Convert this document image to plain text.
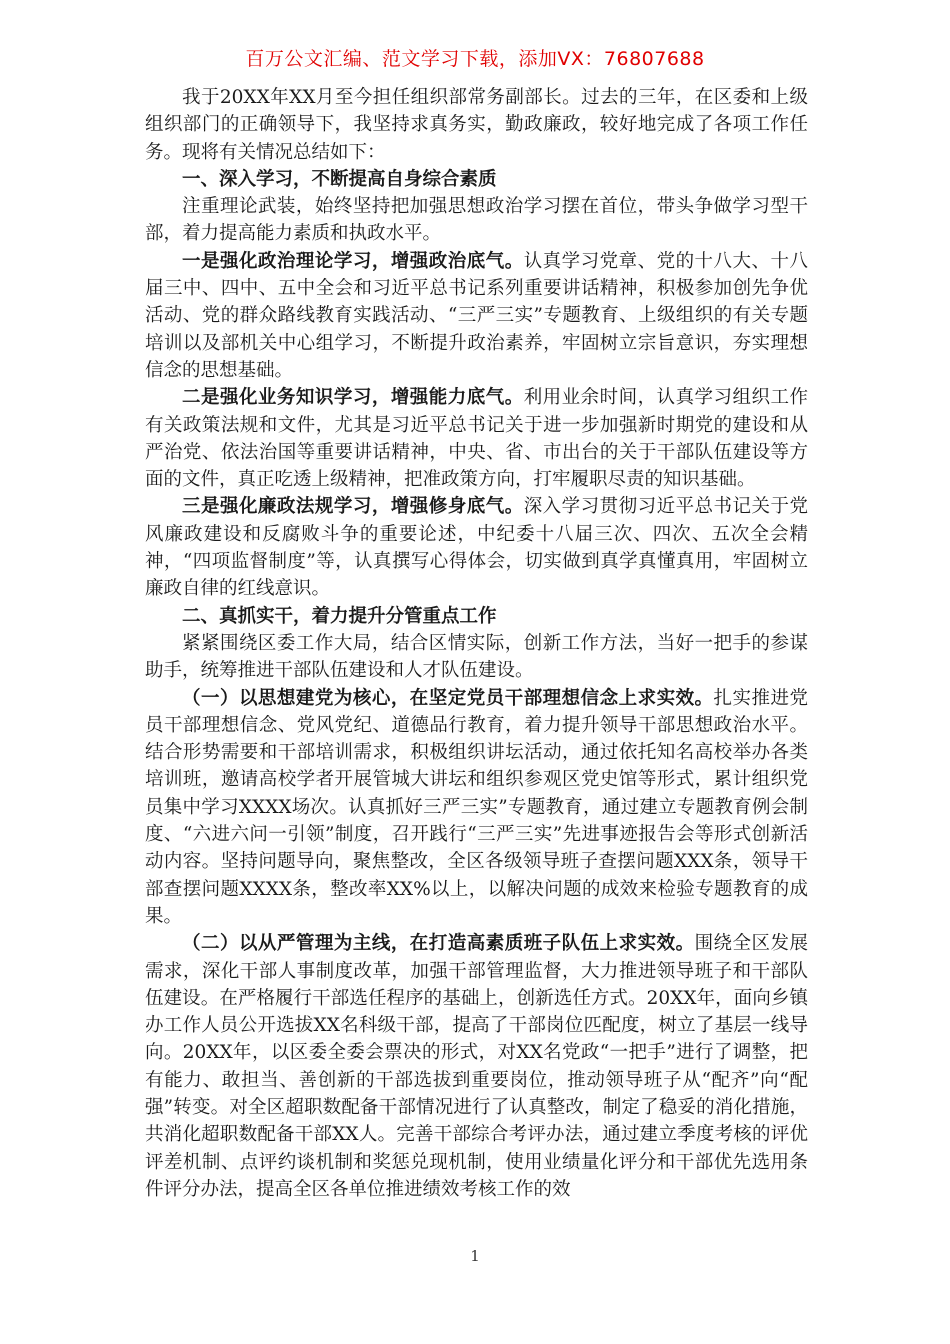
百万公文汇编、范文学习下载，添加VX：76807688

我于20XX年XX月至今担任组织部常务副部长。过去的三年，在区委和上级组织部门的正确领导下，我坚持求真务实，勤政廉政，较好地完成了各项工作任务。现将有关情况总结如下：

一、深入学习，不断提高自身综合素质

注重理论武装，始终坚持把加强思想政治学习摆在首位，带头争做学习型干部，着力提高能力素质和执政水平。

一是强化政治理论学习，增强政治底气。认真学习党章、党的十八大、十八届三中、四中、五中全会和习近平总书记系列重要讲话精神，积极参加创先争优活动、党的群众路线教育实践活动、“三严三实”专题教育、上级组织的有关专题培训以及部机关中心组学习，不断提升政治素养，牢固树立宗旨意识，夯实理想信念的思想基础。

二是强化业务知识学习，增强能力底气。利用业余时间，认真学习组织工作有关政策法规和文件，尤其是习近平总书记关于进一步加强新时期党的建设和从严治党、依法治国等重要讲话精神，中央、省、市出台的关于干部队伍建设等方面的文件，真正吃透上级精神，把准政策方向，打牢履职尽责的知识基础。

三是强化廉政法规学习，增强修身底气。深入学习贯彻习近平总书记关于党风廉政建设和反腐败斗争的重要论述，中纪委十八届三次、四次、五次全会精神，“四项监督制度”等，认真撰写心得体会，切实做到真学真懂真用，牢固树立廉政自律的红线意识。

二、真抓实干，着力提升分管重点工作

紧紧围绕区委工作大局，结合区情实际，创新工作方法，当好一把手的参谋助手，统筹推进干部队伍建设和人才队伍建设。

（一）以思想建党为核心，在坚定党员干部理想信念上求实效。扎实推进党员干部理想信念、党风党纪、道德品行教育，着力提升领导干部思想政治水平。结合形势需要和干部培训需求，积极组织讲坛活动，通过依托知名高校举办各类培训班，邀请高校学者开展管城大讲坛和组织参观区党史馆等形式，累计组织党员集中学习XXXX场次。认真抓好三严三实”专题教育，通过建立专题教育例会制度、“六进六问一引领”制度，召开践行“三严三实”先进事迹报告会等形式创新活动内容。坚持问题导向，聚焦整改，全区各级领导班子查摆问题XXX条，领导干部查摆问题XXXX条，整改率XX%以上，以解决问题的成效来检验专题教育的成果。

（二）以从严管理为主线，在打造高素质班子队伍上求实效。围绕全区发展需求，深化干部人事制度改革，加强干部管理监督，大力推进领导班子和干部队伍建设。在严格履行干部选任程序的基础上，创新选任方式。20XX年，面向乡镇办工作人员公开选拔XX名科级干部，提高了干部岗位匹配度，树立了基层一线导向。20XX年，以区委全委会票决的形式，对XX名党政“一把手”进行了调整，把有能力、敢担当、善创新的干部选拔到重要岗位，推动领导班子从“配齐”向“配强”转变。对全区超职数配备干部情况进行了认真整改，制定了稳妥的消化措施，共消化超职数配备干部XX人。完善干部综合考评办法，通过建立季度考核的评优评差机制、点评约谈机制和奖惩兑现机制，使用业绩量化评分和干部优先选用条件评分办法，提高全区各单位推进绩效考核工作的效

1
